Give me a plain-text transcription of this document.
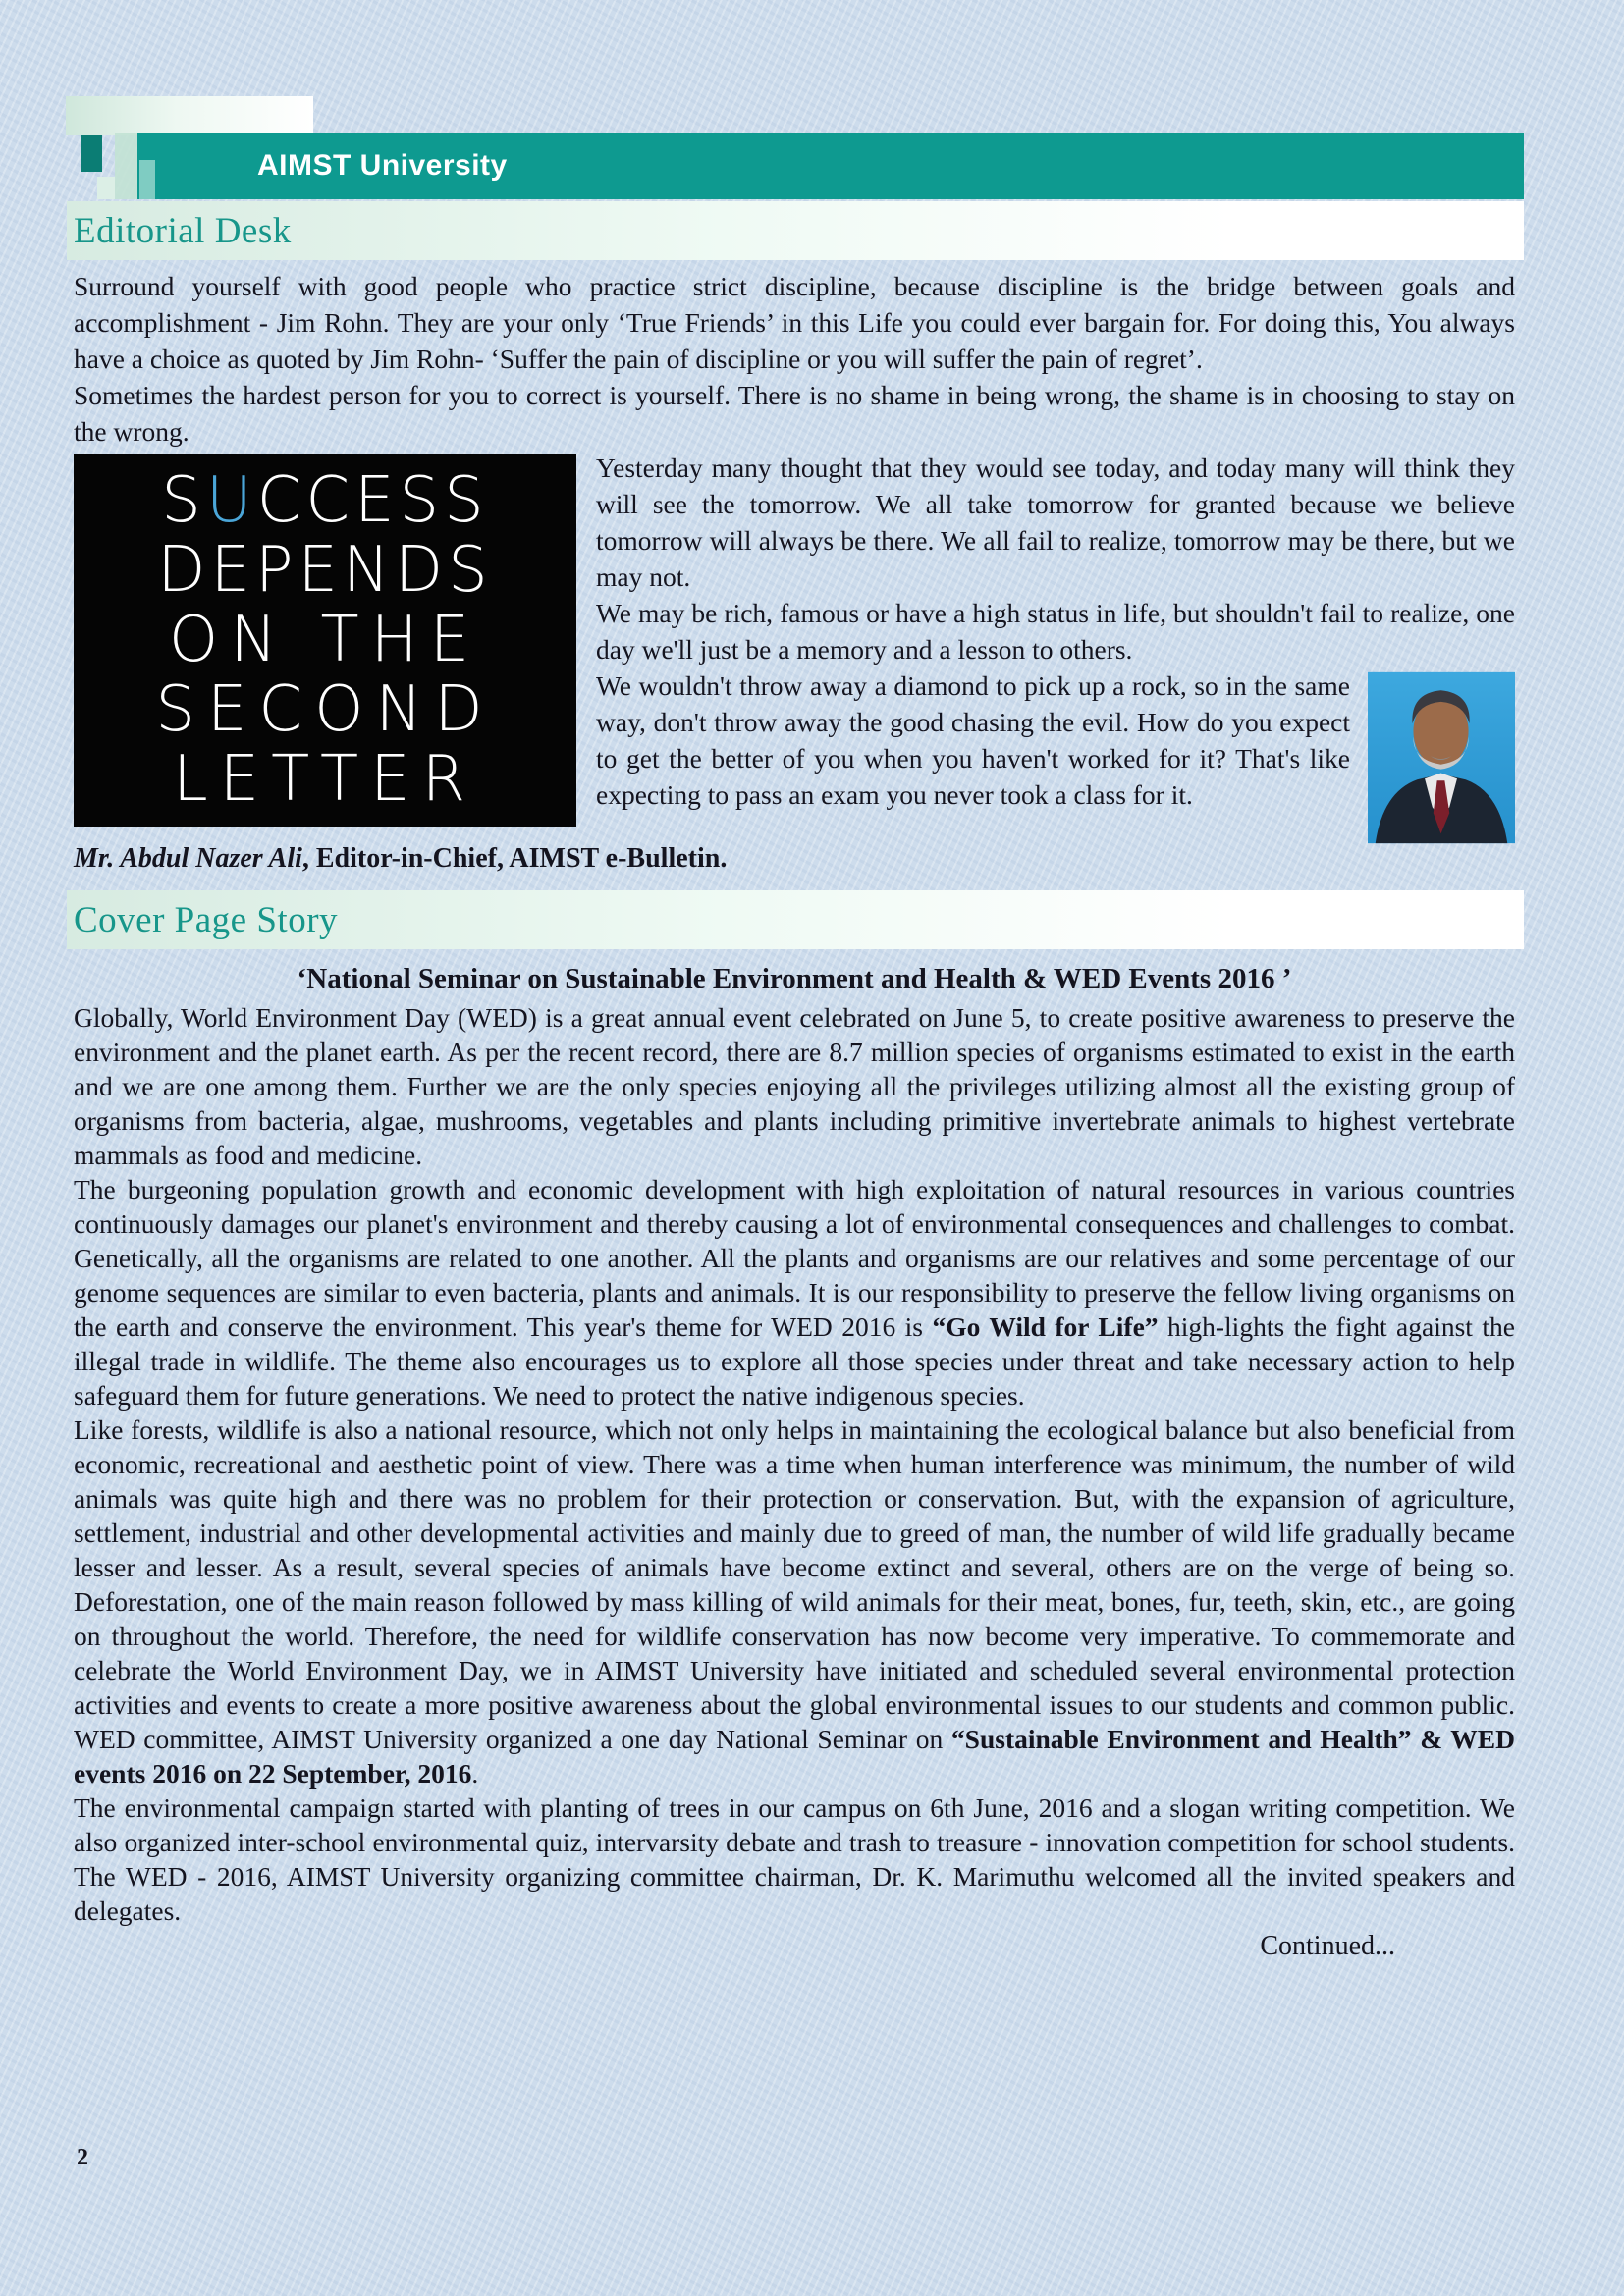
AIMST University
Editorial Desk

Surround yourself with good people who practice strict discipline, because discipline is the bridge between goals and accomplishment - Jim Rohn. They are your only ‘True Friends’ in this Life you could ever bargain for. For doing this, You always have a choice as quoted by Jim Rohn- ‘Suffer the pain of discipline or you will suffer the pain of regret’.

Sometimes the hardest person for you to correct is yourself. There is no shame in being wrong, the shame is in choosing to stay on the wrong.

SUCCESS
DEPENDS
ON THE
SECOND
LETTER

Yesterday many thought that they would see today, and today many will think they will see the tomorrow. We all take tomorrow for granted because we believe tomorrow will always be there. We all fail to realize, tomorrow may be there, but we may not.

We may be rich, famous or have a high status in life, but shouldn't fail to realize, one day we'll just be a memory and a lesson to others.

We wouldn't throw away a diamond to pick up a rock, so in the same way, don't throw away the good chasing the evil. How do you expect to get the better of you when you haven't worked for it? That's like expecting to pass an exam you never took a class for it.

Mr. Abdul Nazer Ali, Editor-in-Chief, AIMST e-Bulletin.
Cover Page Story
‘National Seminar on Sustainable Environment and Health & WED Events 2016 ’

Globally, World Environment Day (WED) is a great annual event celebrated on June 5, to create positive awareness to preserve the environment and the planet earth. As per the recent record, there are 8.7 million species of organisms estimated to exist in the earth and we are one among them. Further we are the only species enjoying all the privileges utilizing almost all the existing group of organisms from bacteria, algae, mushrooms, vegetables and plants including primitive invertebrate animals to highest vertebrate mammals as food and medicine.

The burgeoning population growth and economic development with high exploitation of natural resources in various countries continuously damages our planet's environment and thereby causing a lot of environmental consequences and challenges to combat. Genetically, all the organisms are related to one another. All the plants and organisms are our relatives and some percentage of our genome sequences are similar to even bacteria, plants and animals. It is our responsibility to preserve the fellow living organisms on the earth and conserve the environment. This year's theme for WED 2016 is “Go Wild for Life” high-lights the fight against the illegal trade in wildlife. The theme also encourages us to explore all those species under threat and take necessary action to help safeguard them for future generations. We need to protect the native indigenous species.

Like forests, wildlife is also a national resource, which not only helps in maintaining the ecological balance but also beneficial from economic, recreational and aesthetic point of view. There was a time when human interference was minimum, the number of wild animals was quite high and there was no problem for their protection or conservation. But, with the expansion of agriculture, settlement, industrial and other developmental activities and mainly due to greed of man, the number of wild life gradually became lesser and lesser. As a result, several species of animals have become extinct and several, others are on the verge of being so. Deforestation, one of the main reason followed by mass killing of wild animals for their meat, bones, fur, teeth, skin, etc., are going on throughout the world. Therefore, the need for wildlife conservation has now become very imperative. To commemorate and celebrate the World Environment Day, we in AIMST University have initiated and scheduled several environmental protection activities and events to create a more positive awareness about the global environmental issues to our students and common public. WED committee, AIMST University organized a one day National Seminar on “Sustainable Environment and Health” & WED events 2016 on 22 September, 2016.

The environmental campaign started with planting of trees in our campus on 6th June, 2016 and a slogan writing competition. We also organized inter-school environmental quiz, intervarsity debate and trash to treasure - innovation competition for school students. The WED - 2016, AIMST University organizing committee chairman, Dr. K. Marimuthu welcomed all the invited speakers and delegates.

Continued...
2
